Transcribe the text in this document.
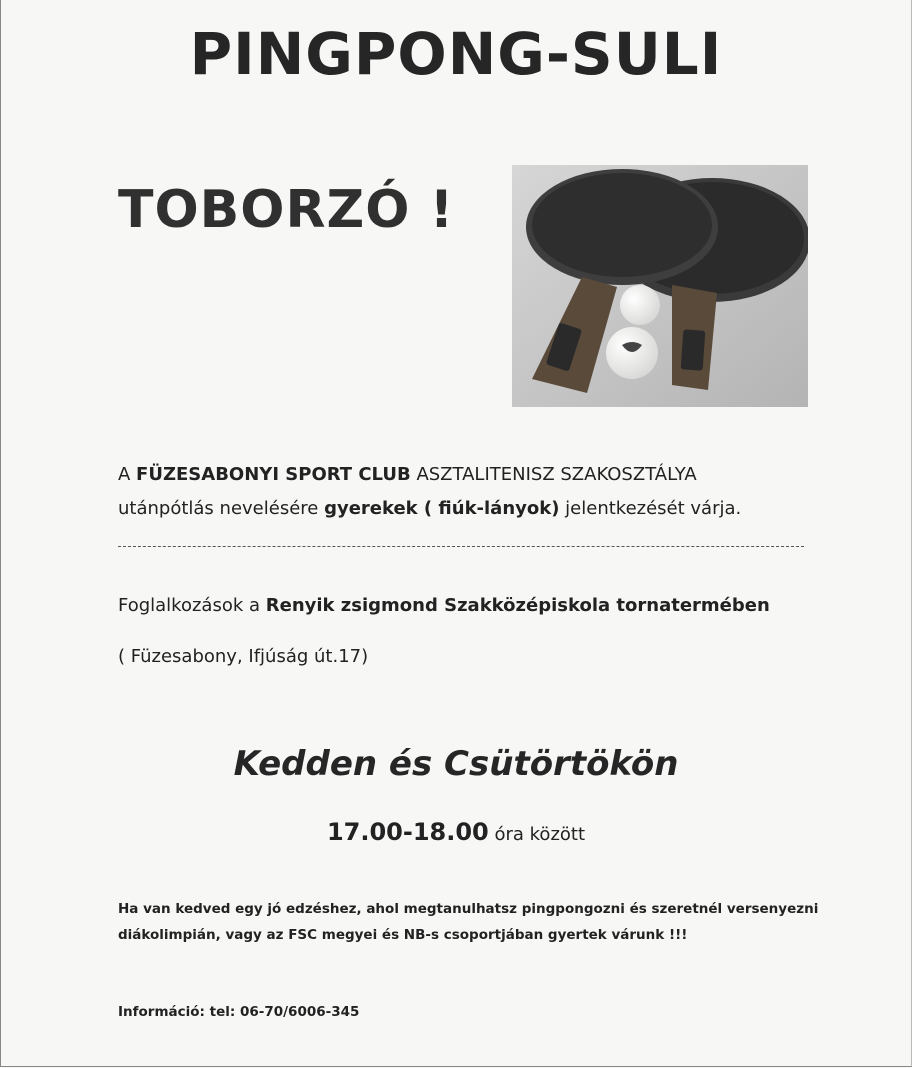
PINGPONG-SULI
TOBORZÓ !
A FÜZESABONYI SPORT CLUB ASZTALITENISZ SZAKOSZTÁLYA
utánpótlás nevelésére gyerekek ( fiúk-lányok) jelentkezését várja.
Foglalkozások a Renyik zsigmond Szakközépiskola tornatermében
( Füzesabony, Ifjúság út.17)
Kedden és Csütörtökön
17.00-18.00 óra között
Ha van kedved egy jó edzéshez, ahol megtanulhatsz pingpongozni és szeretnél versenyezni
diákolimpián, vagy az FSC megyei és NB-s csoportjában gyertek várunk !!!
Információ: tel: 06-70/6006-345
